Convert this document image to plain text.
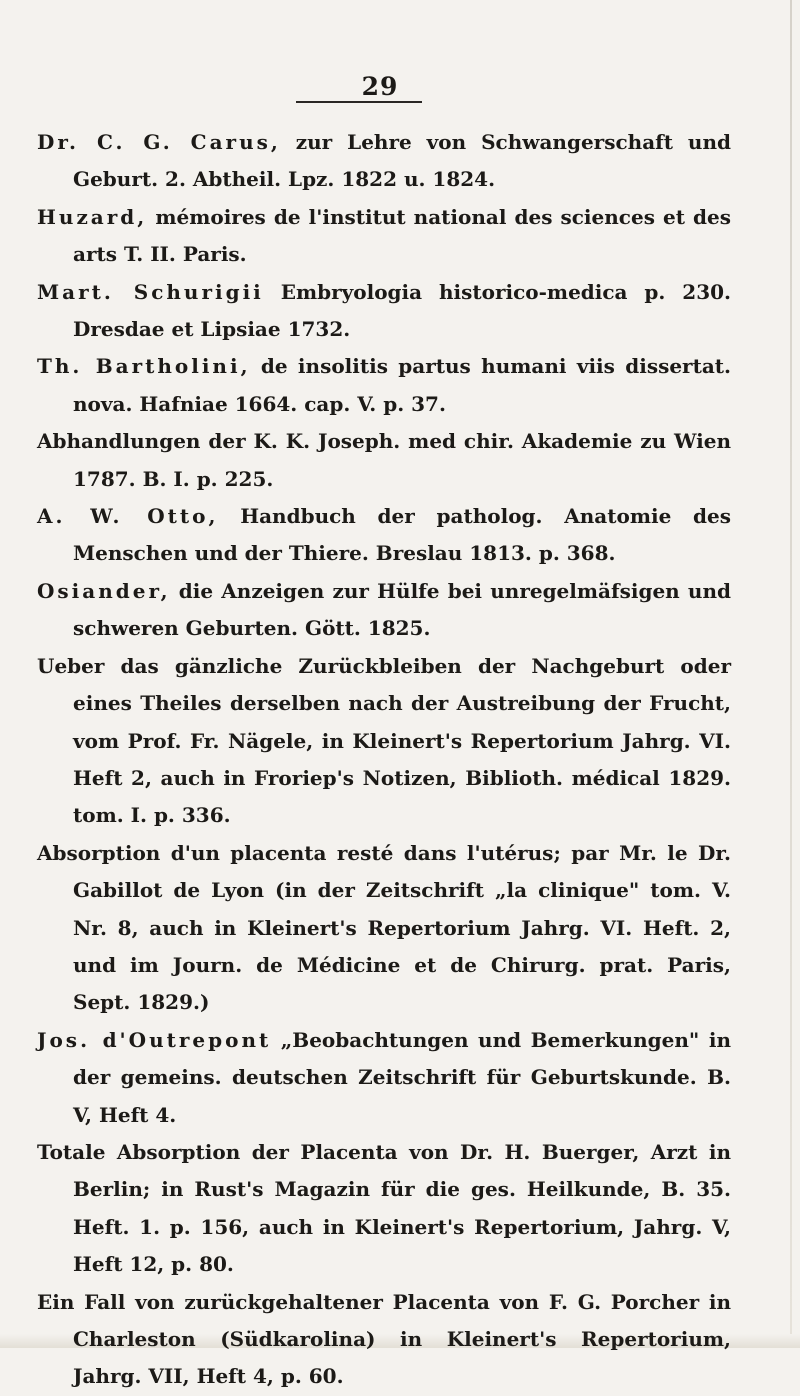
29
Dr. C. G. Carus, zur Lehre von Schwangerschaft und Geburt. 2. Abtheil. Lpz. 1822 u. 1824.
Huzard, mémoires de l'institut national des sciences et des arts T. II. Paris.
Mart. Schurigii Embryologia historico-medica p. 230. Dresdae et Lipsiae 1732.
Th. Bartholini, de insolitis partus humani viis dissertat. nova. Hafniae 1664. cap. V. p. 37.
Abhandlungen der K. K. Joseph. med chir. Akademie zu Wien 1787. B. I. p. 225.
A. W. Otto, Handbuch der patholog. Anatomie des Menschen und der Thiere. Breslau 1813. p. 368.
Osiander, die Anzeigen zur Hülfe bei unregelmäfsigen und schweren Geburten. Gött. 1825.
Ueber das gänzliche Zurückbleiben der Nachgeburt oder eines Theiles derselben nach der Austreibung der Frucht, vom Prof. Fr. Nägele, in Kleinert's Repertorium Jahrg. VI. Heft 2, auch in Froriep's Notizen, Biblioth. médical 1829. tom. I. p. 336.
Absorption d'un placenta resté dans l'utérus; par Mr. le Dr. Gabillot de Lyon (in der Zeitschrift „la clinique" tom. V. Nr. 8, auch in Kleinert's Repertorium Jahrg. VI. Heft. 2, und im Journ. de Médicine et de Chirurg. prat. Paris, Sept. 1829.)
Jos. d'Outrepont „Beobachtungen und Bemerkungen" in der gemeins. deutschen Zeitschrift für Geburtskunde. B. V, Heft 4.
Totale Absorption der Placenta von Dr. H. Buerger, Arzt in Berlin; in Rust's Magazin für die ges. Heilkunde, B. 35. Heft. 1. p. 156, auch in Kleinert's Repertorium, Jahrg. V, Heft 12, p. 80.
Ein Fall von zurückgehaltener Placenta von F. G. Porcher in Charleston (Südkarolina) in Kleinert's Repertorium, Jahrg. VII, Heft 4, p. 60.
